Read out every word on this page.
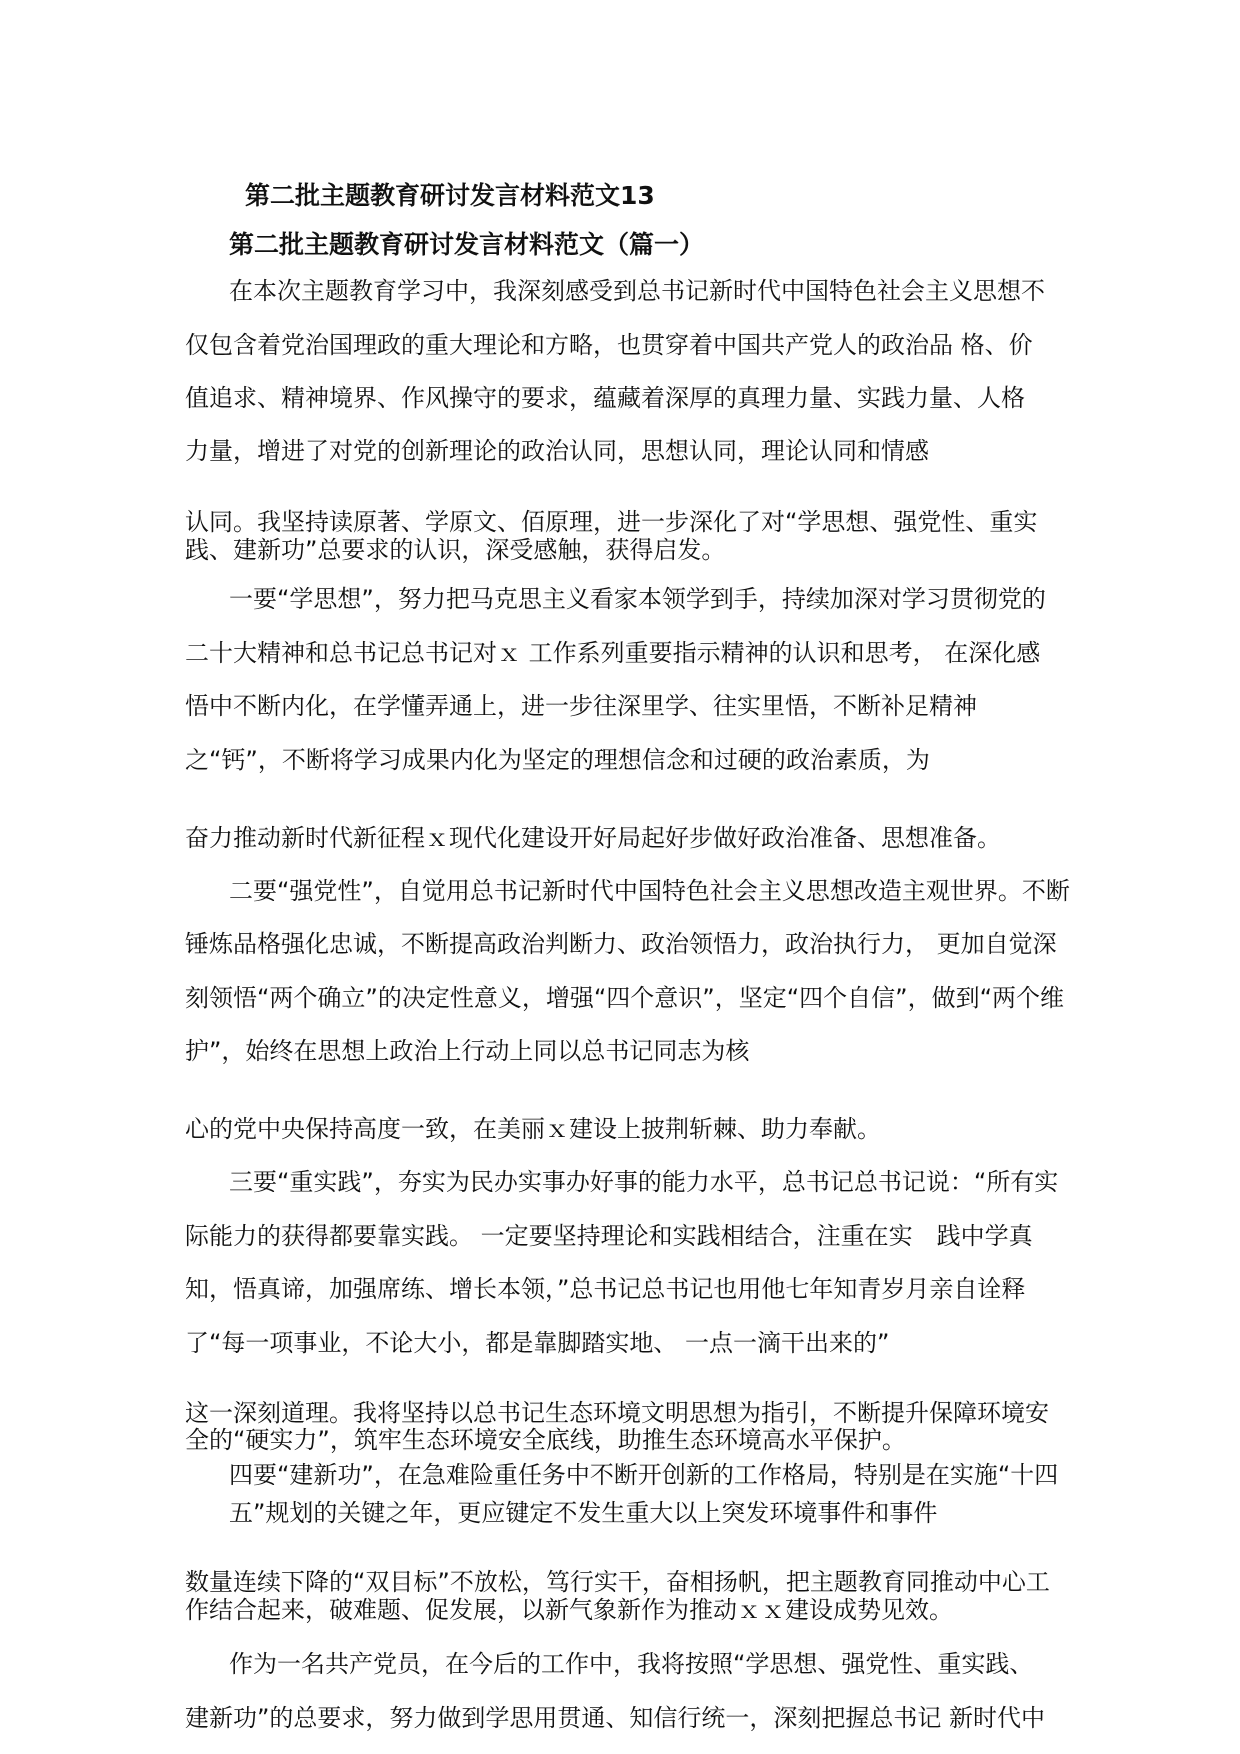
第二批主题教育研讨发言材料范文13
第二批主题教育研讨发言材料范文（篇一）
在本次主题教育学习中，我深刻感受到总书记新时代中国特色社会主义思想不
仅包含着党治国理政的重大理论和方略，也贯穿着中国共产党人的政治品 格、价
值追求、精神境界、作风操守的要求，蕴藏着深厚的真理力量、实践力量、人格
力量，增进了对党的创新理论的政治认同，思想认同，理论认同和情感
认同。我坚持读原著、学原文、佰原理，进一步深化了对“学思想、强党性、重实
践、建新功”总要求的认识，深受感触，获得启发。
一要“学思想”，努力把马克思主义看家本领学到手，持续加深对学习贯彻党的
二十大精神和总书记总书记对ｘ 工作系列重要指示精神的认识和思考， 在深化感
悟中不断内化，在学懂弄通上，进一步往深里学、往实里悟，不断补足精神
之“钙”，不断将学习成果内化为坚定的理想信念和过硬的政治素质，为
奋力推动新时代新征程ｘ现代化建设开好局起好步做好政治准备、思想准备。
二要“强党性”，自觉用总书记新时代中国特色社会主义思想改造主观世界。不断
锤炼品格强化忠诚，不断提高政治判断力、政治领悟力，政治执行力， 更加自觉深
刻领悟“两个确立”的决定性意义，增强“四个意识”，坚定“四个自信”，做到“两个维
护”，始终在思想上政治上行动上同以总书记同志为核
心的党中央保持高度一致，在美丽ｘ建设上披荆斩棘、助力奉献。
三要“重实践”，夯实为民办实事办好事的能力水平，总书记总书记说：“所有实
际能力的获得都要靠实践。 一定要坚持理论和实践相结合，注重在实　践中学真
知，悟真谛，加强席练、增长本领，”总书记总书记也用他七年知青岁月亲自诠释
了“每一项事业，不论大小，都是靠脚踏实地、 一点一滴干出来的”
这一深刻道理。我将坚持以总书记生态环境文明思想为指引，不断提升保障环境安
全的“硬实力”，筑牢生态环境安全底线，助推生态环境高水平保护。
四要“建新功”，在急难险重任务中不断开创新的工作格局，特别是在实施“十四
五”规划的关键之年，更应键定不发生重大以上突发环境事件和事件
数量连续下降的“双目标”不放松，笃行实干，奋相扬帆，把主题教育同推动中心工
作结合起来，破难题、促发展，以新气象新作为推动ｘｘ建设成势见效。
作为一名共产党员，在今后的工作中，我将按照“学思想、强党性、重实践、
建新功”的总要求，努力做到学思用贯通、知信行统一，深刻把握总书记 新时代中
